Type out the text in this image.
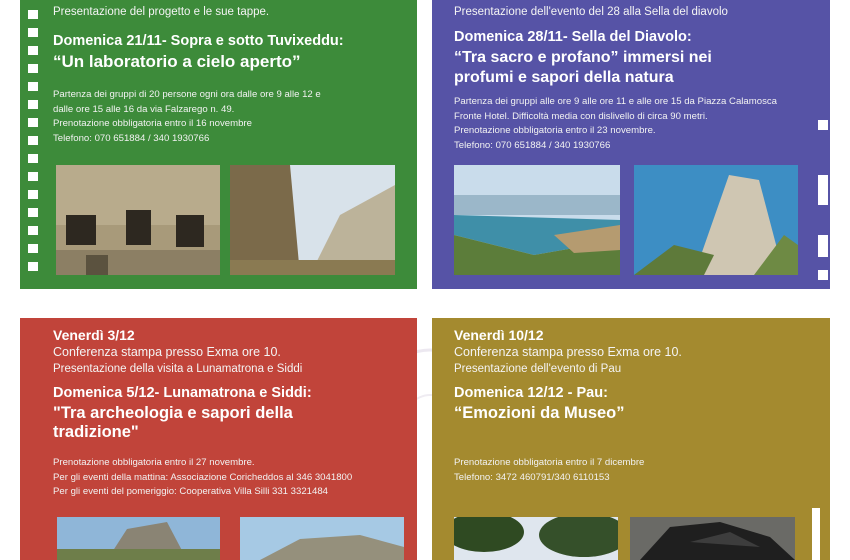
Presentazione del progetto e le sue tappe.
Domenica 21/11- Sopra e sotto Tuvixeddu:
“Un laboratorio a cielo aperto”
Partenza dei gruppi di 20 persone ogni ora dalle ore 9 alle 12 e
dalle ore 15 alle 16 da via Falzarego n. 49.
Prenotazione obbligatoria entro il 16 novembre
Telefono: 070 651884 / 340 1930766
Presentazione dell'evento del 28 alla Sella del diavolo
Domenica 28/11- Sella del Diavolo:
“Tra sacro e profano” immersi nei
profumi e sapori della natura
Partenza dei gruppi alle ore 9 alle ore 11 e alle ore 15 da Piazza Calamosca
Fronte Hotel. Difficoltà media con dislivello di circa 90 metri.
Prenotazione obbligatoria entro il 23 novembre.
Telefono: 070 651884 / 340 1930766
Venerdì 3/12
Conferenza stampa presso Exma ore 10.
Presentazione della visita a Lunamatrona e Siddi
Domenica 5/12- Lunamatrona e Siddi:
"Tra archeologia e sapori della
tradizione"
Prenotazione obbligatoria entro il 27 novembre.
Per gli eventi della mattina: Associazione Coricheddos al 346 3041800
Per gli eventi del pomeriggio: Cooperativa Villa Silli 331 3321484
Venerdì 10/12
Conferenza stampa presso Exma ore 10.
Presentazione dell'evento di Pau
Domenica 12/12 - Pau:
“Emozioni da Museo”
Prenotazione obbligatoria entro il 7 dicembre
Telefono: 3472 460791/340 6110153
